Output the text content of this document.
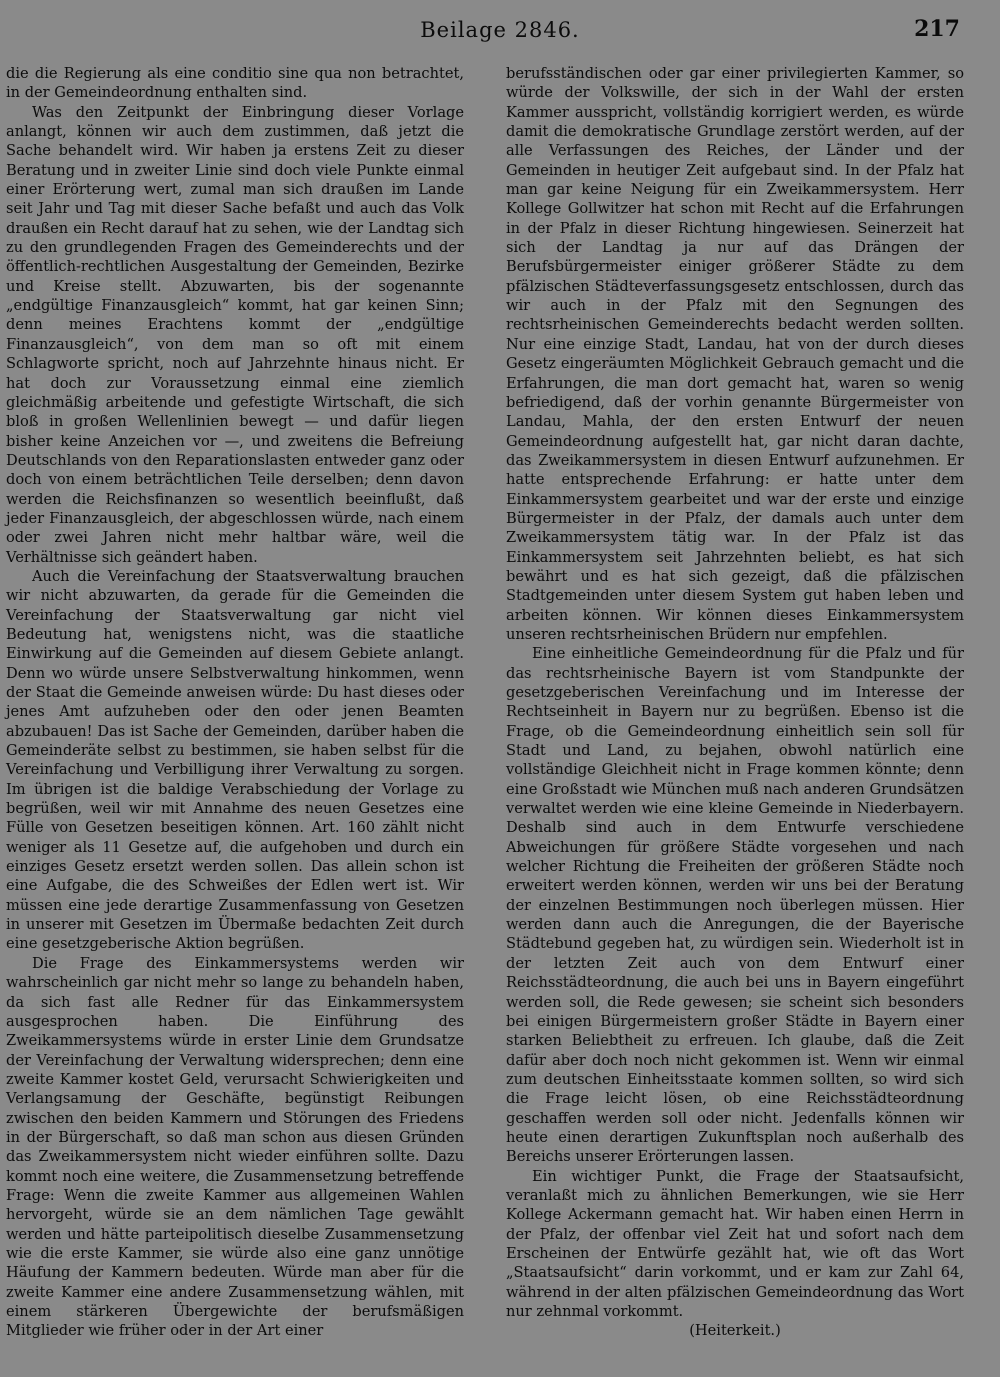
Beilage 2846.	217

die die Regierung als eine conditio sine qua non betrachtet, in der Gemeindeordnung enthalten sind.

Was den Zeitpunkt der Einbringung dieser Vorlage anlangt, können wir auch dem zustimmen, daß jetzt die Sache behandelt wird. Wir haben ja erstens Zeit zu dieser Beratung und in zweiter Linie sind doch viele Punkte einmal einer Erörterung wert, zumal man sich draußen im Lande seit Jahr und Tag mit dieser Sache befaßt und auch das Volk draußen ein Recht darauf hat zu sehen, wie der Landtag sich zu den grundlegenden Fragen des Gemeinderechts und der öffentlich-rechtlichen Ausgestaltung der Gemeinden, Bezirke und Kreise stellt. Abzuwarten, bis der sogenannte „endgültige Finanzausgleich“ kommt, hat gar keinen Sinn; denn meines Erachtens kommt der „endgültige Finanzausgleich“, von dem man so oft mit einem Schlagworte spricht, noch auf Jahrzehnte hinaus nicht. Er hat doch zur Voraussetzung einmal eine ziemlich gleichmäßig arbeitende und gefestigte Wirtschaft, die sich bloß in großen Wellenlinien bewegt — und dafür liegen bisher keine Anzeichen vor —, und zweitens die Befreiung Deutschlands von den Reparationslasten entweder ganz oder doch von einem beträchtlichen Teile derselben; denn davon werden die Reichsfinanzen so wesentlich beeinflußt, daß jeder Finanzausgleich, der abgeschlossen würde, nach einem oder zwei Jahren nicht mehr haltbar wäre, weil die Verhältnisse sich geändert haben.

Auch die Vereinfachung der Staatsverwaltung brauchen wir nicht abzuwarten, da gerade für die Gemeinden die Vereinfachung der Staatsverwaltung gar nicht viel Bedeutung hat, wenigstens nicht, was die staatliche Einwirkung auf die Gemeinden auf diesem Gebiete anlangt. Denn wo würde unsere Selbstverwaltung hinkommen, wenn der Staat die Gemeinde anweisen würde: Du hast dieses oder jenes Amt aufzuheben oder den oder jenen Beamten abzubauen! Das ist Sache der Gemeinden, darüber haben die Gemeinderäte selbst zu bestimmen, sie haben selbst für die Vereinfachung und Verbilligung ihrer Verwaltung zu sorgen. Im übrigen ist die baldige Verabschiedung der Vorlage zu begrüßen, weil wir mit Annahme des neuen Gesetzes eine Fülle von Gesetzen beseitigen können. Art. 160 zählt nicht weniger als 11 Gesetze auf, die aufgehoben und durch ein einziges Gesetz ersetzt werden sollen. Das allein schon ist eine Aufgabe, die des Schweißes der Edlen wert ist. Wir müssen eine jede derartige Zusammenfassung von Gesetzen in unserer mit Gesetzen im Übermaße bedachten Zeit durch eine gesetzgeberische Aktion begrüßen.

Die Frage des Einkammersystems werden wir wahrscheinlich gar nicht mehr so lange zu behandeln haben, da sich fast alle Redner für das Einkammersystem ausgesprochen haben. Die Einführung des Zweikammersystems würde in erster Linie dem Grundsatze der Vereinfachung der Verwaltung widersprechen; denn eine zweite Kammer kostet Geld, verursacht Schwierigkeiten und Verlangsamung der Geschäfte, begünstigt Reibungen zwischen den beiden Kammern und Störungen des Friedens in der Bürgerschaft, so daß man schon aus diesen Gründen das Zweikammersystem nicht wieder einführen sollte. Dazu kommt noch eine weitere, die Zusammensetzung betreffende Frage: Wenn die zweite Kammer aus allgemeinen Wahlen hervorgeht, würde sie an dem nämlichen Tage gewählt werden und hätte parteipolitisch dieselbe Zusammensetzung wie die erste Kammer, sie würde also eine ganz unnötige Häufung der Kammern bedeuten. Würde man aber für die zweite Kammer eine andere Zusammensetzung wählen, mit einem stärkeren Übergewichte der berufsmäßigen Mitglieder wie früher oder in der Art einer

berufsständischen oder gar einer privilegierten Kammer, so würde der Volkswille, der sich in der Wahl der ersten Kammer ausspricht, vollständig korrigiert werden, es würde damit die demokratische Grundlage zerstört werden, auf der alle Verfassungen des Reiches, der Länder und der Gemeinden in heutiger Zeit aufgebaut sind. In der Pfalz hat man gar keine Neigung für ein Zweikammersystem. Herr Kollege Gollwitzer hat schon mit Recht auf die Erfahrungen in der Pfalz in dieser Richtung hingewiesen. Seinerzeit hat sich der Landtag ja nur auf das Drängen der Berufsbürgermeister einiger größerer Städte zu dem pfälzischen Städteverfassungsgesetz entschlossen, durch das wir auch in der Pfalz mit den Segnungen des rechtsrheinischen Gemeinderechts bedacht werden sollten. Nur eine einzige Stadt, Landau, hat von der durch dieses Gesetz eingeräumten Möglichkeit Gebrauch gemacht und die Erfahrungen, die man dort gemacht hat, waren so wenig befriedigend, daß der vorhin genannte Bürgermeister von Landau, Mahla, der den ersten Entwurf der neuen Gemeindeordnung aufgestellt hat, gar nicht daran dachte, das Zweikammersystem in diesen Entwurf aufzunehmen. Er hatte entsprechende Erfahrung: er hatte unter dem Einkammersystem gearbeitet und war der erste und einzige Bürgermeister in der Pfalz, der damals auch unter dem Zweikammersystem tätig war. In der Pfalz ist das Einkammersystem seit Jahrzehnten beliebt, es hat sich bewährt und es hat sich gezeigt, daß die pfälzischen Stadtgemeinden unter diesem System gut haben leben und arbeiten können. Wir können dieses Einkammersystem unseren rechtsrheinischen Brüdern nur empfehlen.

Eine einheitliche Gemeindeordnung für die Pfalz und für das rechtsrheinische Bayern ist vom Standpunkte der gesetzgeberischen Vereinfachung und im Interesse der Rechtseinheit in Bayern nur zu begrüßen. Ebenso ist die Frage, ob die Gemeindeordnung einheitlich sein soll für Stadt und Land, zu bejahen, obwohl natürlich eine vollständige Gleichheit nicht in Frage kommen könnte; denn eine Großstadt wie München muß nach anderen Grundsätzen verwaltet werden wie eine kleine Gemeinde in Niederbayern. Deshalb sind auch in dem Entwurfe verschiedene Abweichungen für größere Städte vorgesehen und nach welcher Richtung die Freiheiten der größeren Städte noch erweitert werden können, werden wir uns bei der Beratung der einzelnen Bestimmungen noch überlegen müssen. Hier werden dann auch die Anregungen, die der Bayerische Städtebund gegeben hat, zu würdigen sein. Wiederholt ist in der letzten Zeit auch von dem Entwurf einer Reichsstädteordnung, die auch bei uns in Bayern eingeführt werden soll, die Rede gewesen; sie scheint sich besonders bei einigen Bürgermeistern großer Städte in Bayern einer starken Beliebtheit zu erfreuen. Ich glaube, daß die Zeit dafür aber doch noch nicht gekommen ist. Wenn wir einmal zum deutschen Einheitsstaate kommen sollten, so wird sich die Frage leicht lösen, ob eine Reichsstädteordnung geschaffen werden soll oder nicht. Jedenfalls können wir heute einen derartigen Zukunftsplan noch außerhalb des Bereichs unserer Erörterungen lassen.

Ein wichtiger Punkt, die Frage der Staatsaufsicht, veranlaßt mich zu ähnlichen Bemerkungen, wie sie Herr Kollege Ackermann gemacht hat. Wir haben einen Herrn in der Pfalz, der offenbar viel Zeit hat und sofort nach dem Erscheinen der Entwürfe gezählt hat, wie oft das Wort „Staatsaufsicht“ darin vorkommt, und er kam zur Zahl 64, während in der alten pfälzischen Gemeindeordnung das Wort nur zehnmal vorkommt.

(Heiterkeit.)
